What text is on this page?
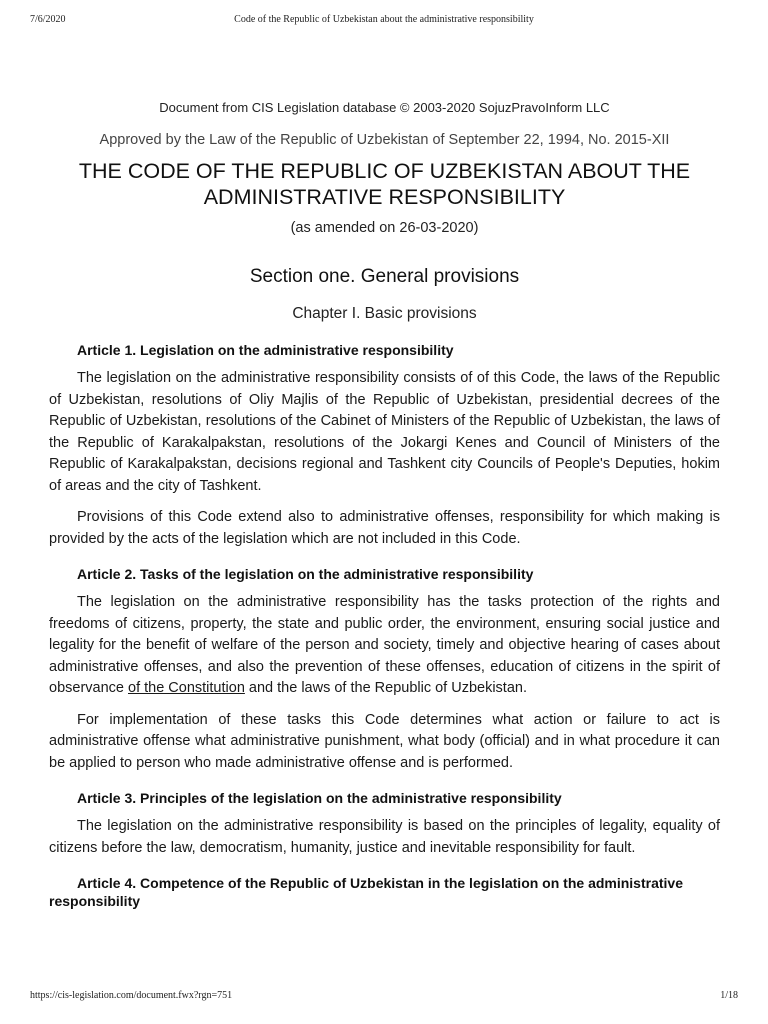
7/6/2020	Code of the Republic of Uzbekistan about the administrative responsibility

Document from CIS Legislation database © 2003-2020 SojuzPravoInform LLC

Approved by the Law of the Republic of Uzbekistan of September 22, 1994, No. 2015-XII

THE CODE OF THE REPUBLIC OF UZBEKISTAN ABOUT THE ADMINISTRATIVE RESPONSIBILITY

(as amended on 26-03-2020)

Section one. General provisions
Chapter I. Basic provisions

Article 1. Legislation on the administrative responsibility

The legislation on the administrative responsibility consists of of this Code, the laws of the Republic of Uzbekistan, resolutions of Oliy Majlis of the Republic of Uzbekistan, presidential decrees of the Republic of Uzbekistan, resolutions of the Cabinet of Ministers of the Republic of Uzbekistan, the laws of the Republic of Karakalpakstan, resolutions of the Jokargi Kenes and Council of Ministers of the Republic of Karakalpakstan, decisions regional and Tashkent city Councils of People's Deputies, hokim of areas and the city of Tashkent.

Provisions of this Code extend also to administrative offenses, responsibility for which making is provided by the acts of the legislation which are not included in this Code.

Article 2. Tasks of the legislation on the administrative responsibility

The legislation on the administrative responsibility has the tasks protection of the rights and freedoms of citizens, property, the state and public order, the environment, ensuring social justice and legality for the benefit of welfare of the person and society, timely and objective hearing of cases about administrative offenses, and also the prevention of these offenses, education of citizens in the spirit of observance of the Constitution and the laws of the Republic of Uzbekistan.

For implementation of these tasks this Code determines what action or failure to act is administrative offense what administrative punishment, what body (official) and in what procedure it can be applied to person who made administrative offense and is performed.

Article 3. Principles of the legislation on the administrative responsibility

The legislation on the administrative responsibility is based on the principles of legality, equality of citizens before the law, democratism, humanity, justice and inevitable responsibility for fault.

Article 4. Competence of the Republic of Uzbekistan in the legislation on the administrative responsibility

https://cis-legislation.com/document.fwx?rgn=751	1/18
